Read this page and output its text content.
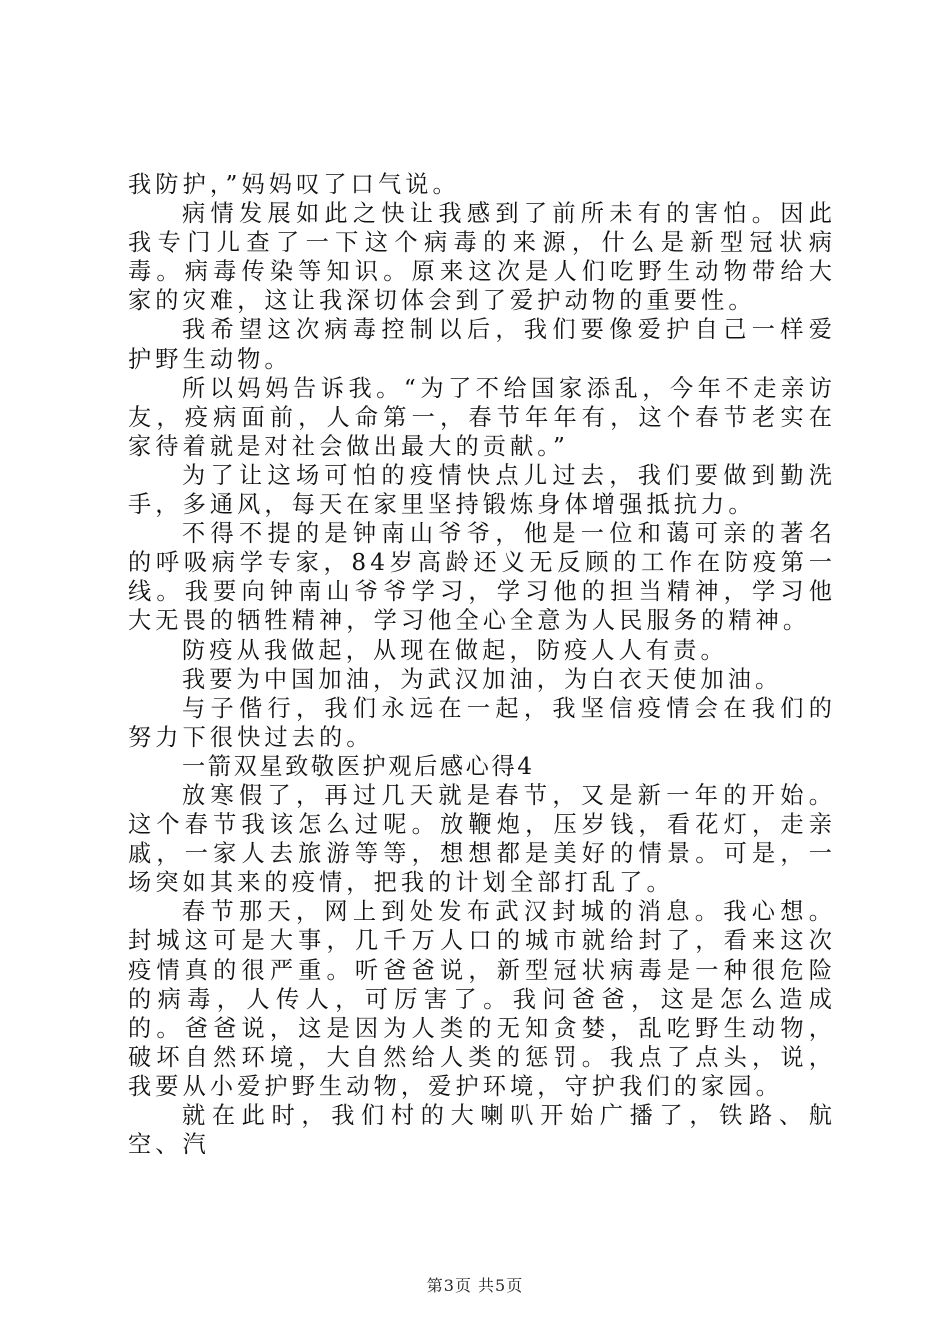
我防护，”妈妈叹了口气说。

病情发展如此之快让我感到了前所未有的害怕。因此我专门儿查了一下这个病毒的来源，什么是新型冠状病毒。病毒传染等知识。原来这次是人们吃野生动物带给大家的灾难，这让我深切体会到了爱护动物的重要性。

我希望这次病毒控制以后，我们要像爱护自己一样爱护野生动物。

所以妈妈告诉我。“为了不给国家添乱，今年不走亲访友，疫病面前，人命第一，春节年年有，这个春节老实在家待着就是对社会做出最大的贡献。”

为了让这场可怕的疫情快点儿过去，我们要做到勤洗手，多通风，每天在家里坚持锻炼身体增强抵抗力。

不得不提的是钟南山爷爷，他是一位和蔼可亲的著名的呼吸病学专家，84岁高龄还义无反顾的工作在防疫第一线。我要向钟南山爷爷学习，学习他的担当精神，学习他大无畏的牺牲精神，学习他全心全意为人民服务的精神。

防疫从我做起，从现在做起，防疫人人有责。

我要为中国加油，为武汉加油，为白衣天使加油。

与子偕行，我们永远在一起，我坚信疫情会在我们的努力下很快过去的。

一箭双星致敬医护观后感心得4

放寒假了，再过几天就是春节，又是新一年的开始。这个春节我该怎么过呢。放鞭炮，压岁钱，看花灯，走亲戚，一家人去旅游等等，想想都是美好的情景。可是，一场突如其来的疫情，把我的计划全部打乱了。

春节那天，网上到处发布武汉封城的消息。我心想。封城这可是大事，几千万人口的城市就给封了，看来这次疫情真的很严重。听爸爸说，新型冠状病毒是一种很危险的病毒，人传人，可厉害了。我问爸爸，这是怎么造成的。爸爸说，这是因为人类的无知贪婪，乱吃野生动物，破坏自然环境，大自然给人类的惩罚。我点了点头，说，我要从小爱护野生动物，爱护环境，守护我们的家园。

就在此时，我们村的大喇叭开始广播了，铁路、航空、汽

第3页 共5页
